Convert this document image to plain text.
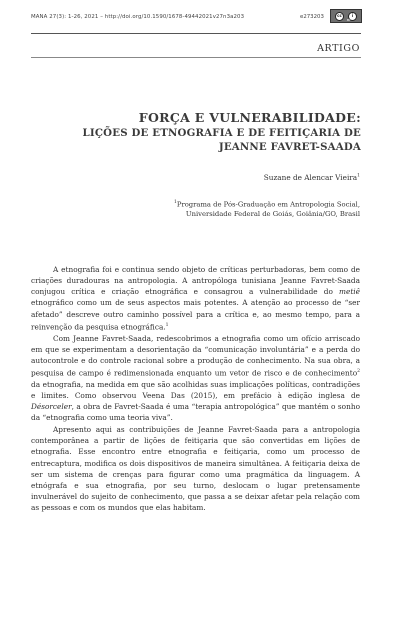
MANA 27(3): 1-26, 2021 – http://doi.org/10.1590/1678-49442021v27n3a203	e273203	cc	i
BY
ARTIGO
FORÇA E VULNERABILIDADE:
LIÇÕES DE ETNOGRAFIA E DE FEITIÇARIA DE
JEANNE FAVRET-SAADA
Suzane de Alencar Vieira$^1$
$^1$Programa de Pós-Graduação em Antropologia Social,
Universidade Federal de Goiás, Goiânia/GO, Brasil

A etnografia foi e continua sendo objeto de críticas perturbadoras, bem como de criações duradouras na antropologia. A antropóloga tunisiana Jeanne Favret-Saada conjugou crítica e criação etnográfica e consagrou a vulnerabilidade do metiê etnográfico como um de seus aspectos mais potentes. A atenção ao processo de “ser afetado” descreve outro caminho possível para a crítica e, ao mesmo tempo, para a reinvenção da pesquisa etnográfica.$^1$

Com Jeanne Favret-Saada, redescobrimos a etnografia como um ofício arriscado em que se experimentam a desorientação da “comunicação involuntária” e a perda do autocontrole e do controle racional sobre a produção de conhecimento. Na sua obra, a pesquisa de campo é redimensionada enquanto um vetor de risco e de conhecimento$^2$ da etnografia, na medida em que são acolhidas suas implicações políticas, contradições e limites. Como observou Veena Das (2015), em prefácio à edição inglesa de Désorceler, a obra de Favret-Saada é uma “terapia antropológica” que mantém o sonho da “etnografia como uma teoria viva”.

Apresento aqui as contribuições de Jeanne Favret-Saada para a antropologia contemporânea a partir de lições de feitiçaria que são convertidas em lições de etnografia. Esse encontro entre etnografia e feitiçaria, como um processo de entrecaptura, modifica os dois dispositivos de maneira simultânea. A feitiçaria deixa de ser um sistema de crenças para figurar como uma pragmática da linguagem. A etnógrafa e sua etnografia, por seu turno, deslocam o lugar pretensamente invulnerável do sujeito de conhecimento, que passa a se deixar afetar pela relação com as pessoas e com os mundos que elas habitam.
